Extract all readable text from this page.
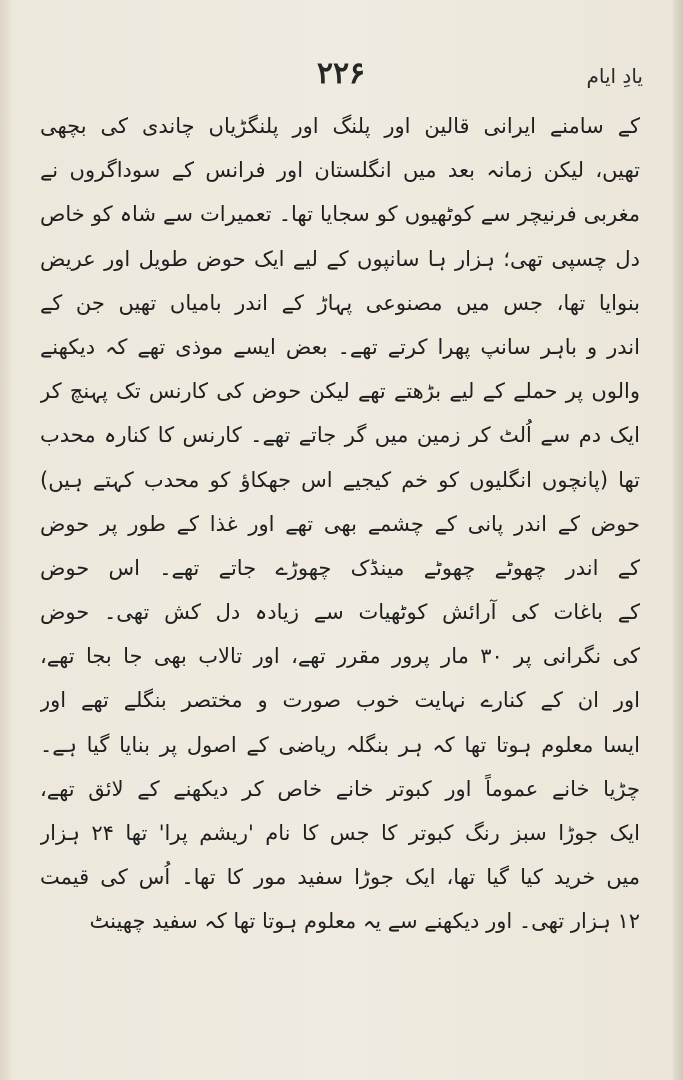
۲۲۶	یادِ ایام
کے سامنے ایرانی قالین اور پلنگ اور پلنگڑیاں چاندی کی بچھی
تھیں، لیکن زمانہ بعد میں انگلستان اور فرانس کے سوداگروں نے
مغربی فرنیچر سے کوٹھیوں کو سجایا تھا۔ تعمیرات سے شاہ کو خاص
دل چسپی تھی؛ ہزار ہا سانپوں کے لیے ایک حوض طویل اور عریض
بنوایا تھا، جس میں مصنوعی پہاڑ کے اندر بامیاں تھیں جن کے
اندر و باہر سانپ پھرا کرتے تھے۔ بعض ایسے موذی تھے کہ دیکھنے
والوں پر حملے کے لیے بڑھتے تھے لیکن حوض کی کارنس تک پہنچ کر
ایک دم سے اُلٹ کر زمین میں گر جاتے تھے۔ کارنس کا کنارہ محدب
تھا (پانچوں انگلیوں کو خم کیجیے اس جھکاؤ کو محدب کہتے ہیں)
حوض کے اندر پانی کے چشمے بھی تھے اور غذا کے طور پر حوض
کے اندر چھوٹے چھوٹے مینڈک چھوڑے جاتے تھے۔ اس حوض
کے باغات کی آرائش کوٹھیات سے زیادہ دل کش تھی۔ حوض
کی نگرانی پر ۳۰ مار پرور مقرر تھے، اور تالاب بھی جا بجا تھے،
اور ان کے کنارے نہایت خوب صورت و مختصر بنگلے تھے اور
ایسا معلوم ہوتا تھا کہ ہر بنگلہ ریاضی کے اصول پر بنایا گیا ہے۔
چڑیا خانے عموماً اور کبوتر خانے خاص کر دیکھنے کے لائق تھے،
ایک جوڑا سبز رنگ کبوتر کا جس کا نام 'ریشم پرا' تھا ۲۴ ہزار
میں خرید کیا گیا تھا، ایک جوڑا سفید مور کا تھا۔ اُس کی قیمت
۱۲ ہزار تھی۔ اور دیکھنے سے یہ معلوم ہوتا تھا کہ سفید چھینٹ
